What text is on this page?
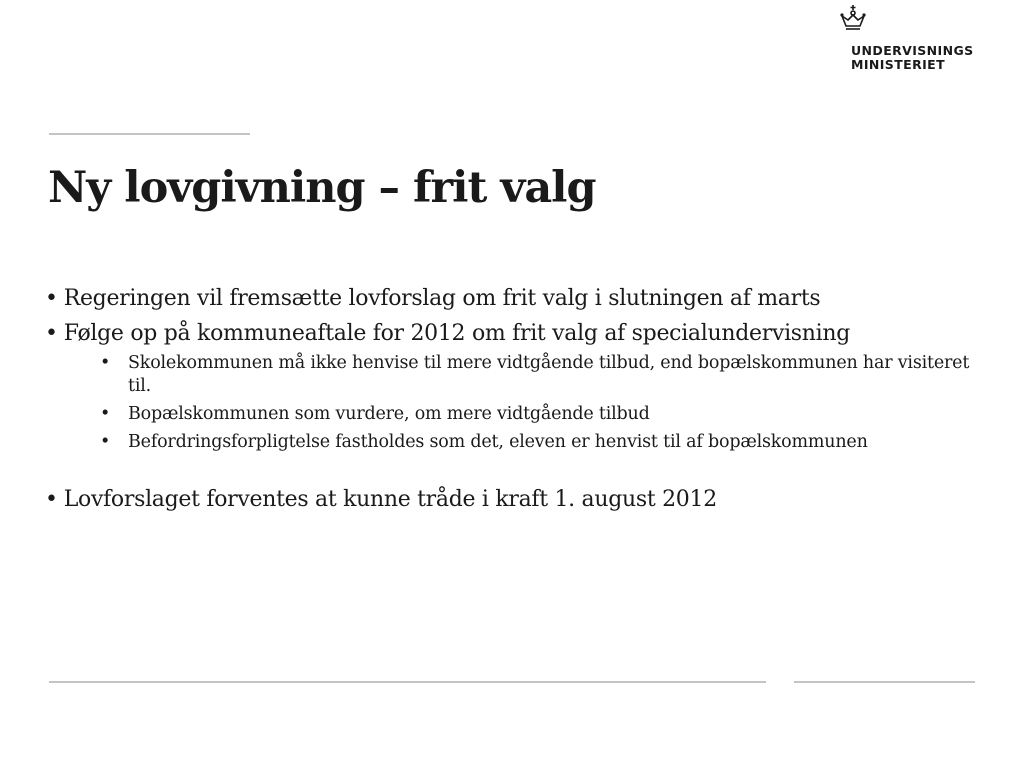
UNDERVISNINGS
MINISTERIET
Ny lovgivning – frit valg

• Regeringen vil fremsætte lovforslag om frit valg i slutningen af marts

• Følge op på kommuneaftale for 2012 om frit valg af specialundervisning

• Skolekommunen må ikke henvise til mere vidtgående tilbud, end bopælskommunen har visiteret til.
• Bopælskommunen som vurdere, om mere vidtgående tilbud
• Befordringsforpligtelse fastholdes som det, eleven er henvist til af bopælskommunen

• Lovforslaget forventes at kunne tråde i kraft 1. august 2012
